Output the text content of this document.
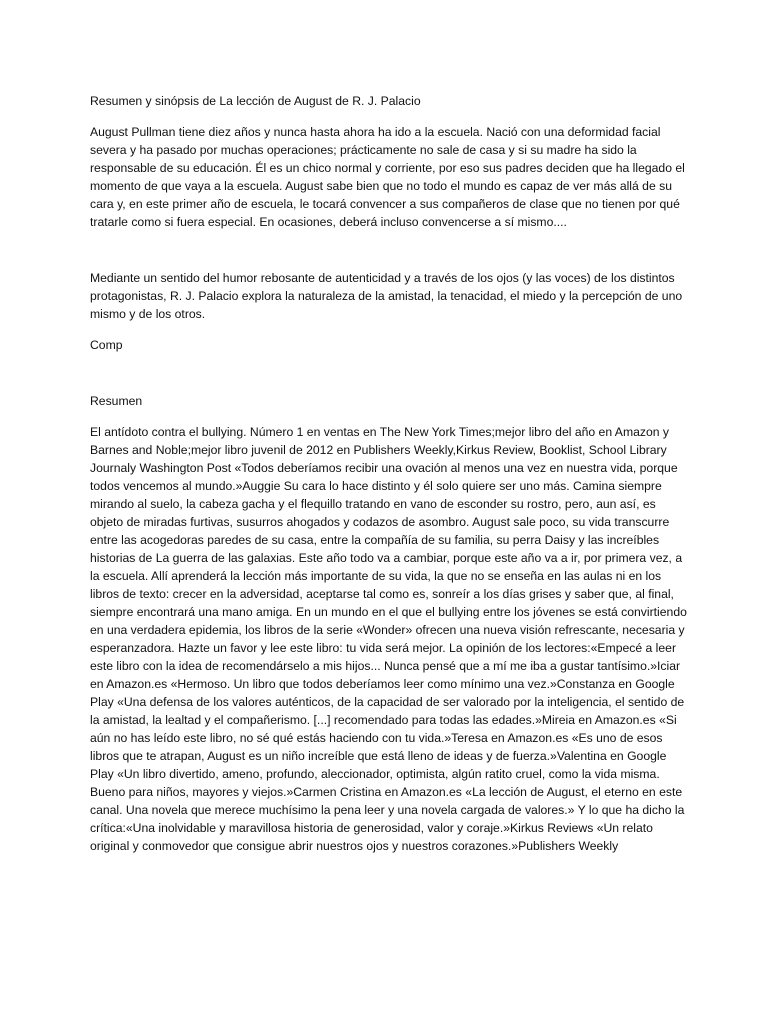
Resumen y sinópsis de La lección de August de R. J. Palacio

August Pullman tiene diez años y nunca hasta ahora ha ido a la escuela. Nació con una deformidad facial severa y ha pasado por muchas operaciones; prácticamente no sale de casa y si su madre ha sido la responsable de su educación. Él es un chico normal y corriente, por eso sus padres deciden que ha llegado el momento de que vaya a la escuela. August sabe bien que no todo el mundo es capaz de ver más allá de su cara y, en este primer año de escuela, le tocará convencer a sus compañeros de clase que no tienen por qué tratarle como si fuera especial. En ocasiones, deberá incluso convencerse a sí mismo....

Mediante un sentido del humor rebosante de autenticidad y a través de los ojos (y las voces) de los distintos protagonistas, R. J. Palacio explora la naturaleza de la amistad, la tenacidad, el miedo y la percepción de uno mismo y de los otros.

Comp

Resumen

El antídoto contra el bullying. Número 1 en ventas en The New York Times;mejor libro del año en Amazon y Barnes and Noble;mejor libro juvenil de 2012 en Publishers Weekly,Kirkus Review, Booklist, School Library Journaly Washington Post «Todos deberíamos recibir una ovación al menos una vez en nuestra vida, porque todos vencemos al mundo.»Auggie Su cara lo hace distinto y él solo quiere ser uno más. Camina siempre mirando al suelo, la cabeza gacha y el flequillo tratando en vano de esconder su rostro, pero, aun así, es objeto de miradas furtivas, susurros ahogados y codazos de asombro. August sale poco, su vida transcurre entre las acogedoras paredes de su casa, entre la compañía de su familia, su perra Daisy y las increíbles historias de La guerra de las galaxias. Este año todo va a cambiar, porque este año va a ir, por primera vez, a la escuela. Allí aprenderá la lección más importante de su vida, la que no se enseña en las aulas ni en los libros de texto: crecer en la adversidad, aceptarse tal como es, sonreír a los días grises y saber que, al final, siempre encontrará una mano amiga. En un mundo en el que el bullying entre los jóvenes se está convirtiendo en una verdadera epidemia, los libros de la serie «Wonder» ofrecen una nueva visión refrescante, necesaria y esperanzadora. Hazte un favor y lee este libro: tu vida será mejor. La opinión de los lectores:«Empecé a leer este libro con la idea de recomendárselo a mis hijos... Nunca pensé que a mí me iba a gustar tantísimo.»Iciar en Amazon.es «Hermoso. Un libro que todos deberíamos leer como mínimo una vez.»Constanza en Google Play «Una defensa de los valores auténticos, de la capacidad de ser valorado por la inteligencia, el sentido de la amistad, la lealtad y el compañerismo. [...] recomendado para todas las edades.»Mireia en Amazon.es «Si aún no has leído este libro, no sé qué estás haciendo con tu vida.»Teresa en Amazon.es «Es uno de esos libros que te atrapan, August es un niño increíble que está lleno de ideas y de fuerza.»Valentina en Google Play «Un libro divertido, ameno, profundo, aleccionador, optimista, algún ratito cruel, como la vida misma. Bueno para niños, mayores y viejos.»Carmen Cristina en Amazon.es «La lección de August, el eterno en este canal. Una novela que merece muchísimo la pena leer y una novela cargada de valores.» Y lo que ha dicho la crítica:«Una inolvidable y maravillosa historia de generosidad, valor y coraje.»Kirkus Reviews «Un relato original y conmovedor que consigue abrir nuestros ojos y nuestros corazones.»Publishers Weekly
